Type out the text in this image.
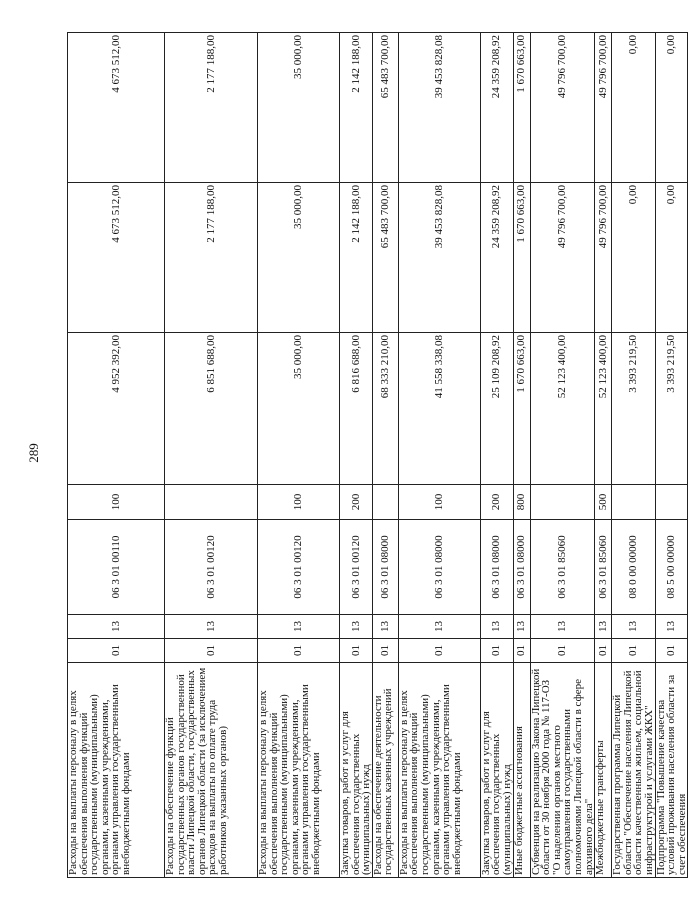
289
Расходы на выплаты персоналу в целях обеспечения выполнения функций государственными (муниципальными) органами, казенными учреждениями, органами управления государственными внебюджетными фондами	01	13	06 3 01 00110	100	4 952 392,00	4 673 512,00	4 673 512,00
Расходы на обеспечение функций государственных органов государственной власти Липецкой области, государственных органов Липецкой области (за исключением расходов на выплаты по оплате труда работников указанных органов)	01	13	06 3 01 00120		6 851 688,00	2 177 188,00	2 177 188,00
Расходы на выплаты персоналу в целях обеспечения выполнения функций государственными (муниципальными) органами, казенными учреждениями, органами управления государственными внебюджетными фондами	01	13	06 3 01 00120	100	35 000,00	35 000,00	35 000,00
Закупка товаров, работ и услуг для обеспечения государственных (муниципальных) нужд	01	13	06 3 01 00120	200	6 816 688,00	2 142 188,00	2 142 188,00
Расходы на обеспечение деятельности государственных казенных учреждений	01	13	06 3 01 08000		68 333 210,00	65 483 700,00	65 483 700,00
Расходы на выплаты персоналу в целях обеспечения выполнения функций государственными (муниципальными) органами, казенными учреждениями, органами управления государственными внебюджетными фондами	01	13	06 3 01 08000	100	41 558 338,08	39 453 828,08	39 453 828,08
Закупка товаров, работ и услуг для обеспечения государственных (муниципальных) нужд	01	13	06 3 01 08000	200	25 109 208,92	24 359 208,92	24 359 208,92
Иные бюджетные ассигнования	01	13	06 3 01 08000	800	1 670 663,00	1 670 663,00	1 670 663,00
Субвенция на реализацию Закона Липецкой области от 30 ноября 2000 года № 117-ОЗ "О наделении органов местного самоуправления государственными полномочиями Липецкой области в сфере архивного дела"	01	13	06 3 01 85060		52 123 400,00	49 796 700,00	49 796 700,00
Межбюджетные трансферты	01	13	06 3 01 85060	500	52 123 400,00	49 796 700,00	49 796 700,00
Государственная программа Липецкой области "Обеспечение населения Липецкой области качественным жильем, социальной инфраструктурой и услугами ЖКХ"	01	13	08 0 00 00000		3 393 219,50	0,00	0,00
Подпрограмма "Повышение качества условий проживания населения области за счет обеспечения	01	13	08 5 00 00000		3 393 219,50	0,00	0,00
